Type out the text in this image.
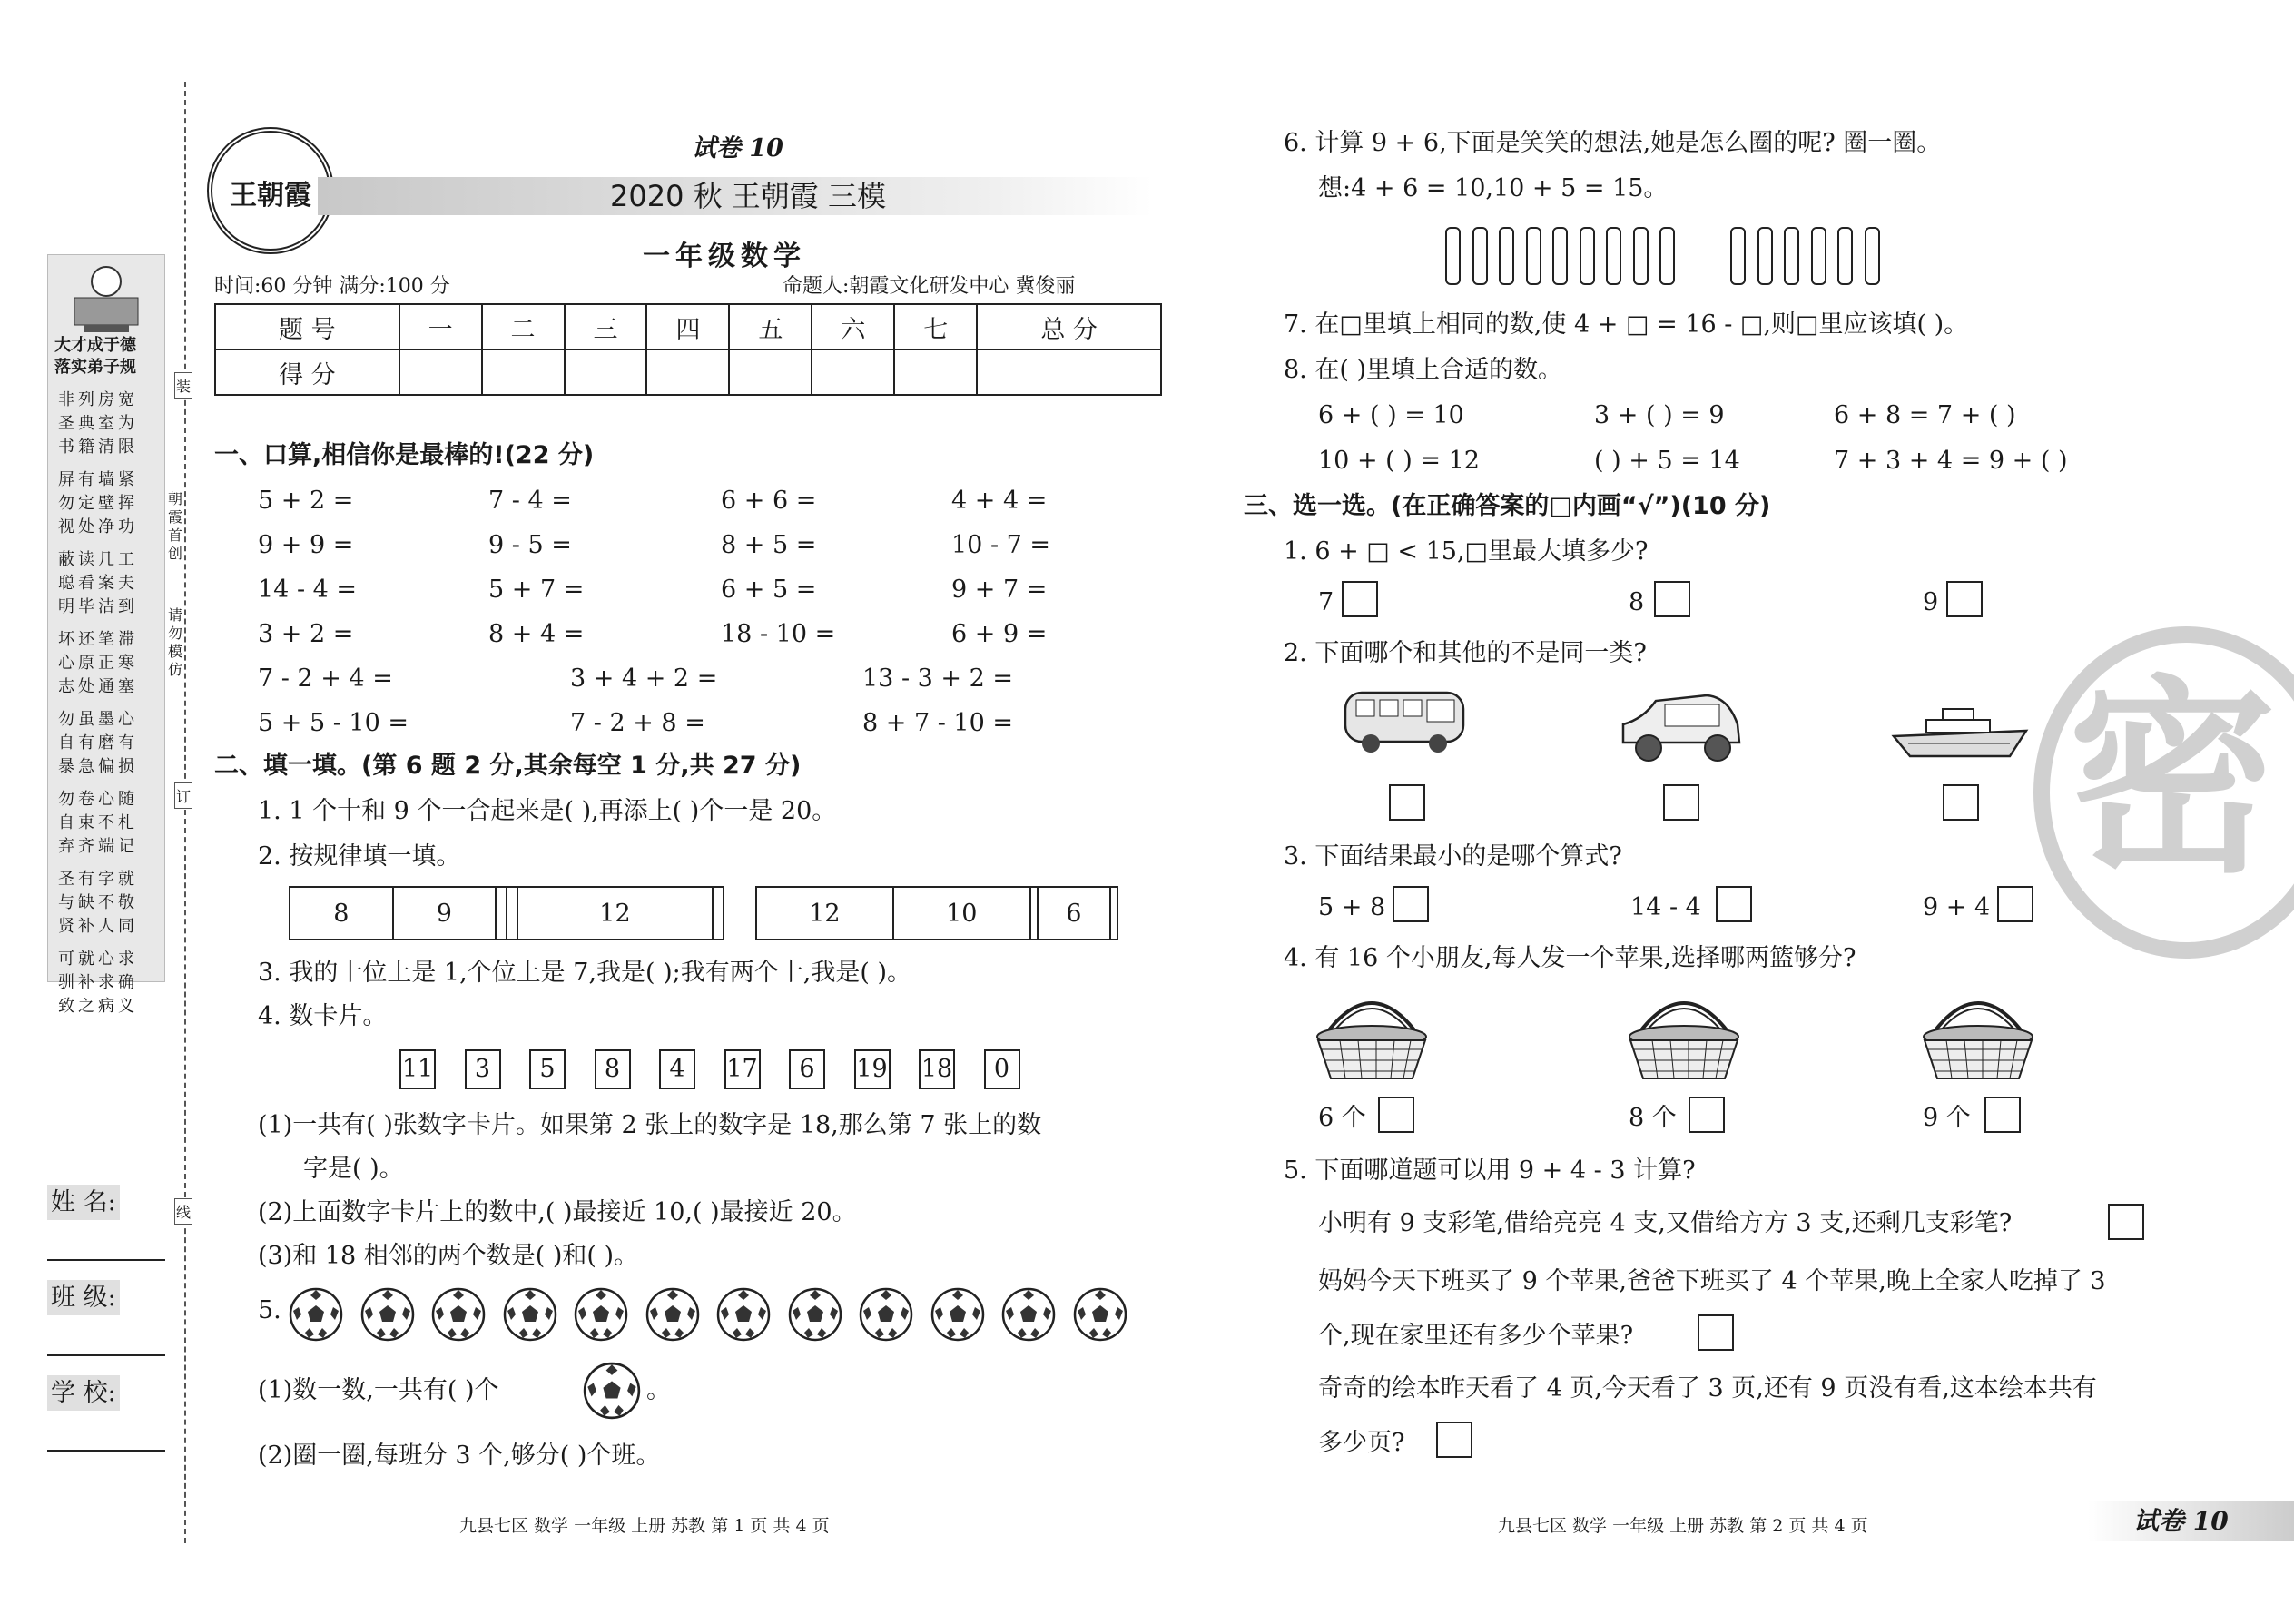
大才成于德
落实弟子规
非圣书列典籍房室清宽为限

屏勿视有定处墙壁净紧挥功

蔽聪明读看毕几案洁工夫到

坏心志还原处笔正通滞寒塞

勿自暴虽有急墨磨偏心有损

勿自弃卷束齐心不端随札记

圣与贤有缺补字不人就敬同

可驯致就补之心求病求确义

装
朝霞首创
请勿模仿
订
线
姓 名:
班 级:
学 校:
王朝霞
试卷 10
2020 秋 王朝霞 三模
一年级数学
时间:60 分钟 满分:100 分	命题人:朝霞文化研发中心 冀俊丽
题 号	一	二	三	四	五	六	七	总 分
得 分								
一、口算,相信你是最棒的!(22 分)
5 + 2 =	7 - 4 =	6 + 6 =	4 + 4 =
9 + 9 =	9 - 5 =	8 + 5 =	10 - 7 =
14 - 4 =	5 + 7 =	6 + 5 =	9 + 7 =
3 + 2 =	8 + 4 =	18 - 10 =	6 + 9 =
7 - 2 + 4 =	3 + 4 + 2 =	13 - 3 + 2 =
5 + 5 - 10 =	7 - 2 + 8 =	8 + 7 - 10 =
二、填一填。(第 6 题 2 分,其余每空 1 分,共 27 分)
1. 1 个十和 9 个一合起来是( ),再添上( )个一是 20。
2. 按规律填一填。
8	9			12		12	10		6	
3. 我的十位上是 1,个位上是 7,我是( );我有两个十,我是( )。
4. 数卡片。
11	3	5	8	4	17	6	19 18	0
(1)一共有( )张数字卡片。如果第 2 张上的数字是 18,那么第 7 张上的数
字是( )。
(2)上面数字卡片上的数中,( )最接近 10,( )最接近 20。
(3)和 18 相邻的两个数是( )和( )。
5.
(1)数一数,一共有( )个	。
(2)圈一圈,每班分 3 个,够分( )个班。
九县七区 数学 一年级 上册 苏教 第 1 页 共 4 页
6. 计算 9 + 6,下面是笑笑的想法,她是怎么圈的呢? 圈一圈。
想:4 + 6 = 10,10 + 5 = 15。
7. 在□里填上相同的数,使 4 + □ = 16 - □,则□里应该填( )。
8. 在( )里填上合适的数。
6 + ( ) = 10	3 + ( ) = 9	6 + 8 = 7 + ( )
10 + ( ) = 12	( ) + 5 = 14	7 + 3 + 4 = 9 + ( )
三、选一选。(在正确答案的□内画“√”)(10 分)
1. 6 + □ < 15,□里最大填多少?
7	8	9
2. 下面哪个和其他的不是同一类?
3. 下面结果最小的是哪个算式?
5 + 8	14 - 4	9 + 4
4. 有 16 个小朋友,每人发一个苹果,选择哪两篮够分?
6 个	8 个	9 个
5. 下面哪道题可以用 9 + 4 - 3 计算?
小明有 9 支彩笔,借给亮亮 4 支,又借给方方 3 支,还剩几支彩笔?
妈妈今天下班买了 9 个苹果,爸爸下班买了 4 个苹果,晚上全家人吃掉了 3
个,现在家里还有多少个苹果?
奇奇的绘本昨天看了 4 页,今天看了 3 页,还有 9 页没有看,这本绘本共有
多少页?
密
九县七区 数学 一年级 上册 苏教 第 2 页 共 4 页	试卷 10
